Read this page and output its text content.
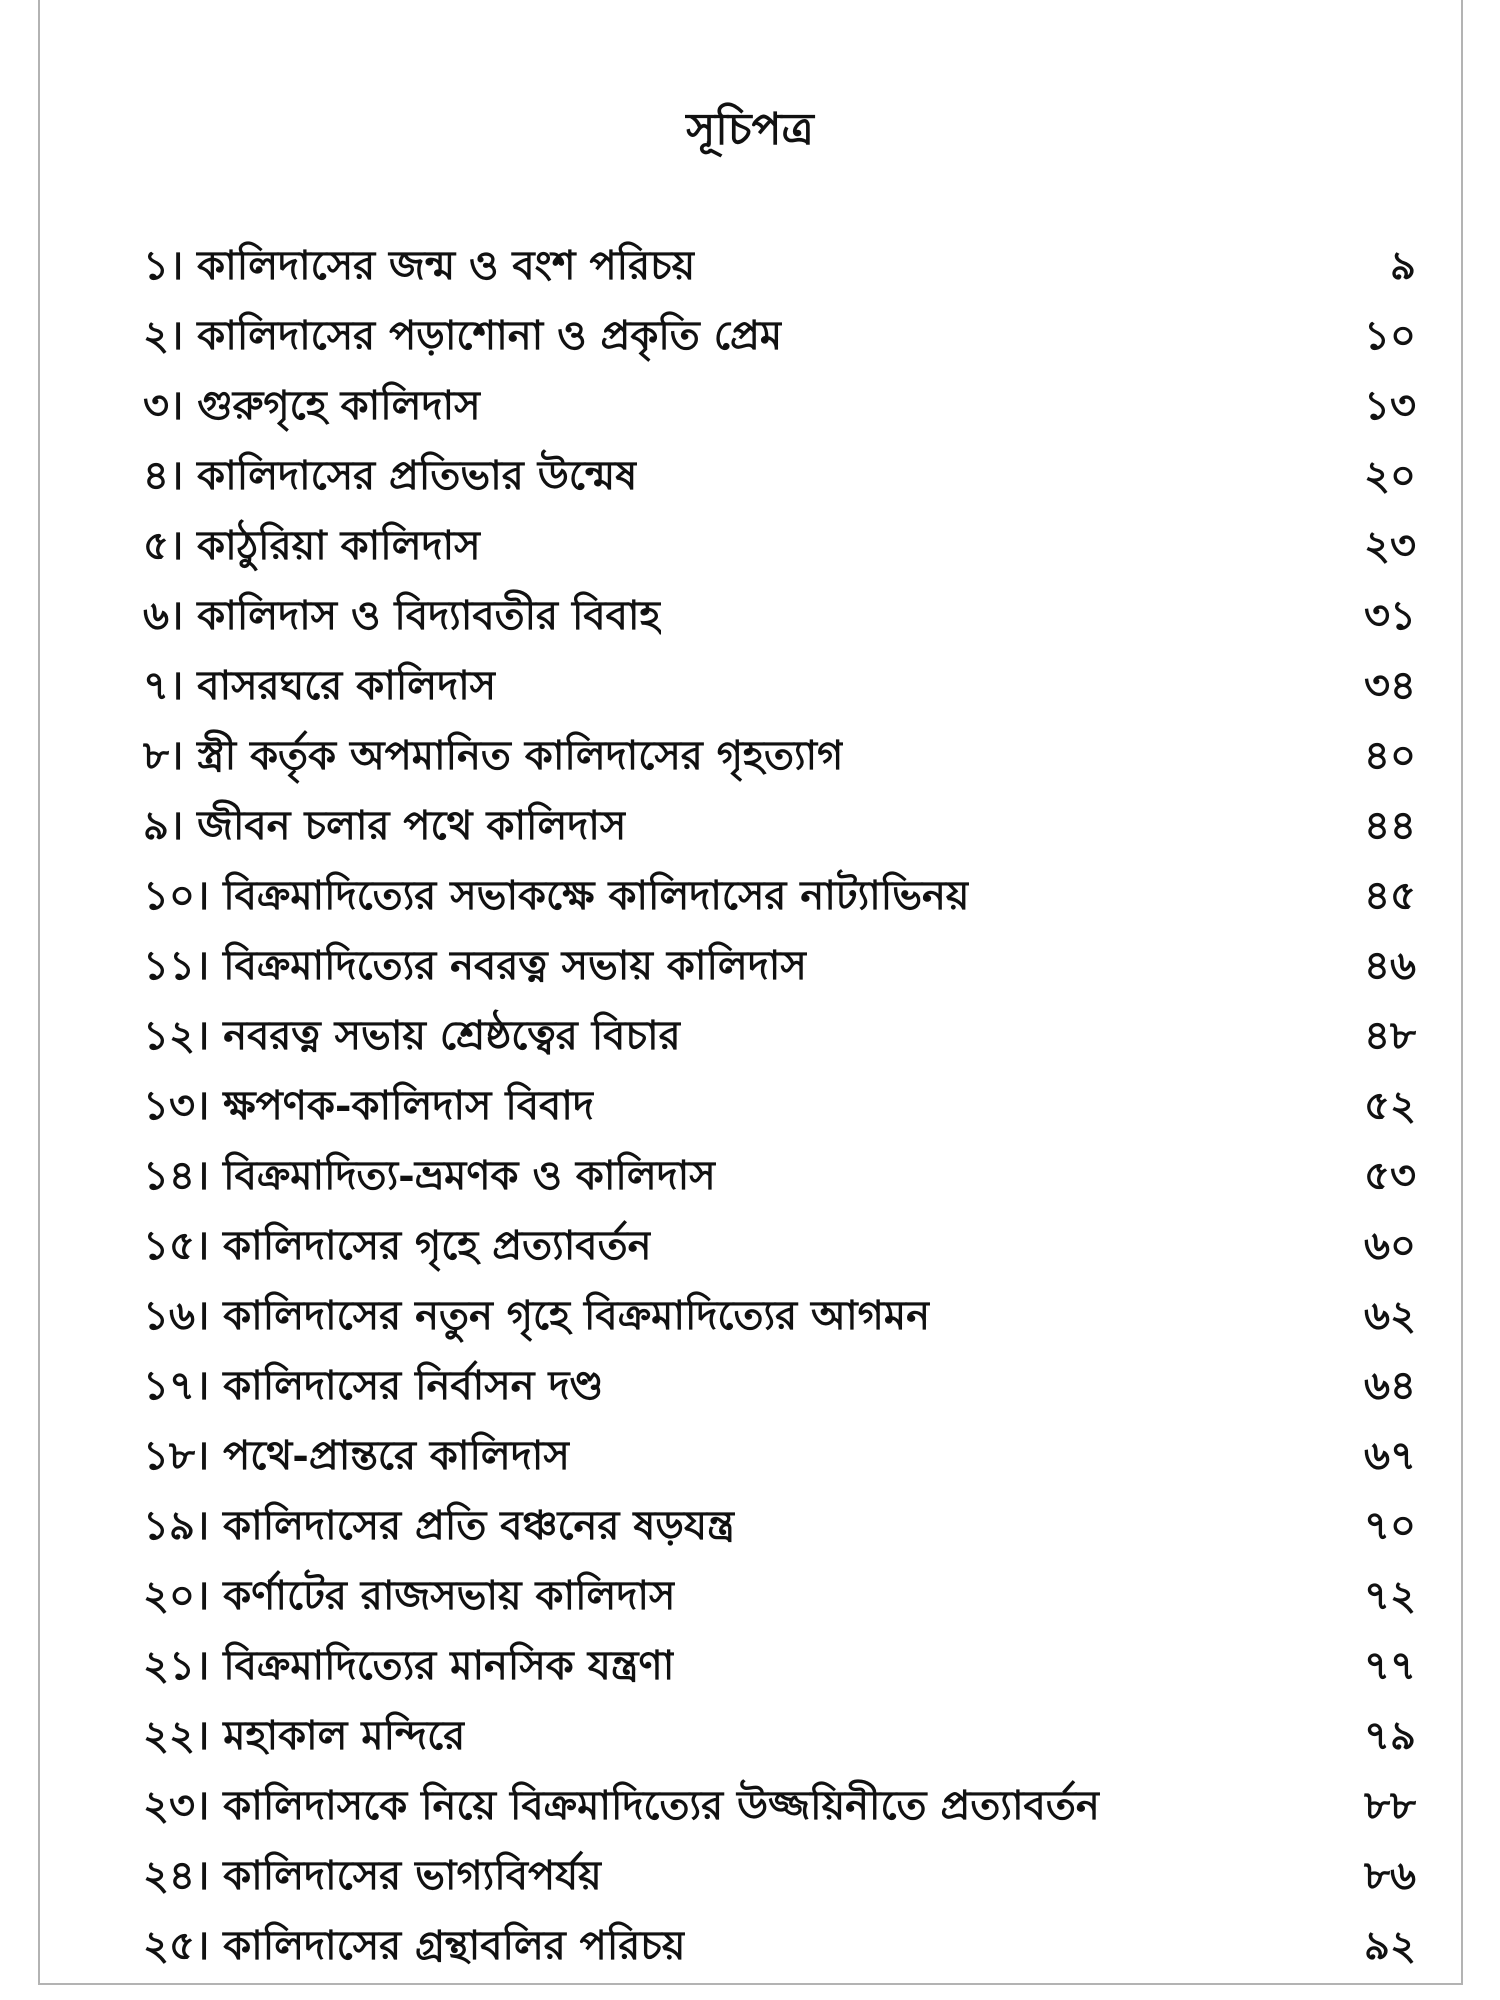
সূচিপত্র
১। কালিদাসের জন্ম ও বংশ পরিচয়	৯
২। কালিদাসের পড়াশোনা ও প্রকৃতি প্রেম	১০
৩। গুরুগৃহে কালিদাস	১৩
৪। কালিদাসের প্রতিভার উন্মেষ	২০
৫। কাঠুরিয়া কালিদাস	২৩
৬। কালিদাস ও বিদ্যাবতীর বিবাহ	৩১
৭। বাসরঘরে কালিদাস	৩৪
৮। স্ত্রী কর্তৃক অপমানিত কালিদাসের গৃহত্যাগ	৪০
৯। জীবন চলার পথে কালিদাস	৪৪
১০। বিক্রমাদিত্যের সভাকক্ষে কালিদাসের নাট্যাভিনয়	৪৫
১১। বিক্রমাদিত্যের নবরত্ন সভায় কালিদাস	৪৬
১২। নবরত্ন সভায় শ্রেষ্ঠত্বের বিচার	৪৮
১৩। ক্ষপণক-কালিদাস বিবাদ	৫২
১৪। বিক্রমাদিত্য-ভ্রমণক ও কালিদাস	৫৩
১৫। কালিদাসের গৃহে প্রত্যাবর্তন	৬০
১৬। কালিদাসের নতুন গৃহে বিক্রমাদিত্যের আগমন	৬২
১৭। কালিদাসের নির্বাসন দণ্ড	৬৪
১৮। পথে-প্রান্তরে কালিদাস	৬৭
১৯। কালিদাসের প্রতি বঞ্চনের ষড়যন্ত্র	৭০
২০। কর্ণাটের রাজসভায় কালিদাস	৭২
২১। বিক্রমাদিত্যের মানসিক যন্ত্রণা	৭৭
২২। মহাকাল মন্দিরে	৭৯
২৩। কালিদাসকে নিয়ে বিক্রমাদিত্যের উজ্জয়িনীতে প্রত্যাবর্তন	৮৮
২৪। কালিদাসের ভাগ্যবিপর্যয়	৮৬
২৫। কালিদাসের গ্রন্থাবলির পরিচয়	৯২
